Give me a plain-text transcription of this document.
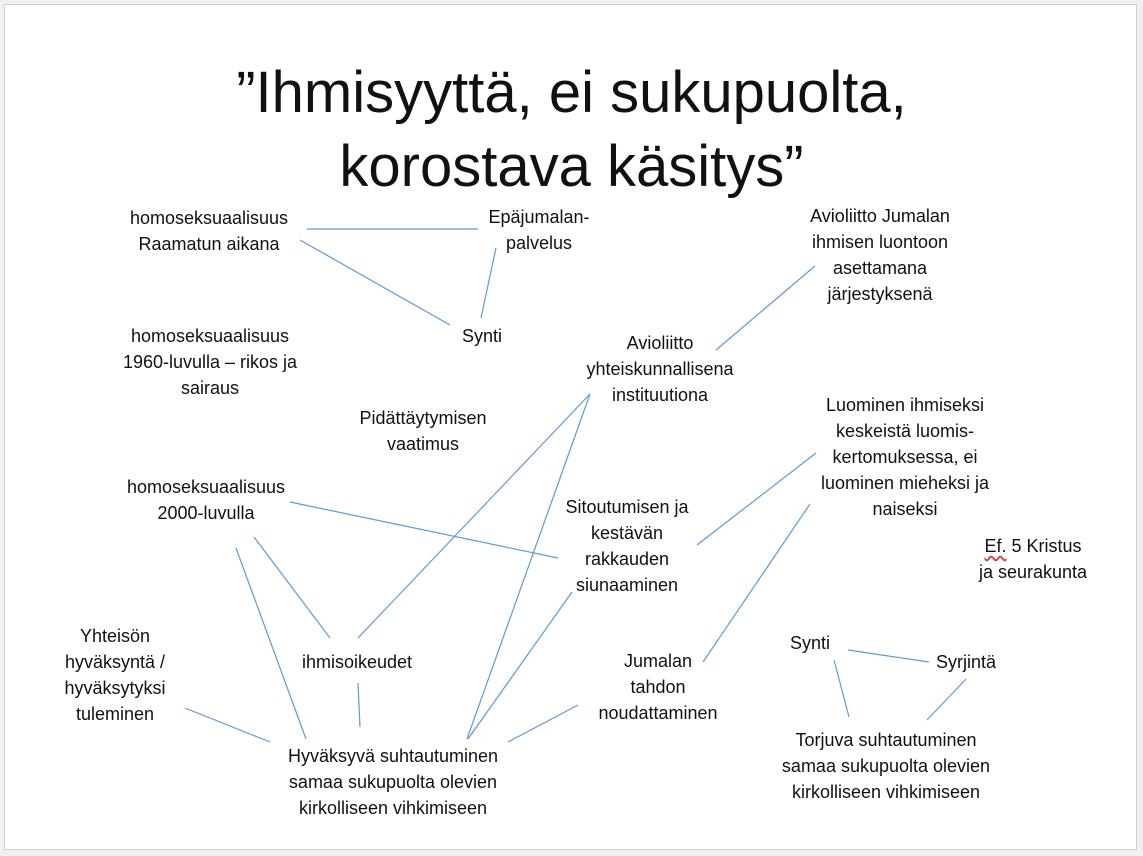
”Ihmisyyttä, ei sukupuolta,
korostava käsitys”
homoseksuaalisuus
Raamatun aikana
Epäjumalan-
palvelus
Avioliitto Jumalan
ihmisen luontoon
asettamana
järjestyksenä
Synti
homoseksuaalisuus
1960-luvulla – rikos ja
sairaus
Avioliitto
yhteiskunnallisena
instituutiona
Pidättäytymisen
vaatimus
Luominen ihmiseksi
keskeistä luomis-
kertomuksessa, ei
luominen mieheksi ja
naiseksi
homoseksuaalisuus
2000-luvulla	Sitoutumisen ja
kestävän
rakkauden
siunaaminen
Ef. 5 Kristus
ja seurakunta
Yhteisön
hyväksyntä /
hyväksytyksi
tuleminen
ihmisoikeudet	Jumalan
tahdon
noudattaminen
Synti
Syrjintä
Hyväksyvä suhtautuminen
samaa sukupuolta olevien
kirkolliseen vihkimiseen
Torjuva suhtautuminen
samaa sukupuolta olevien
kirkolliseen vihkimiseen
